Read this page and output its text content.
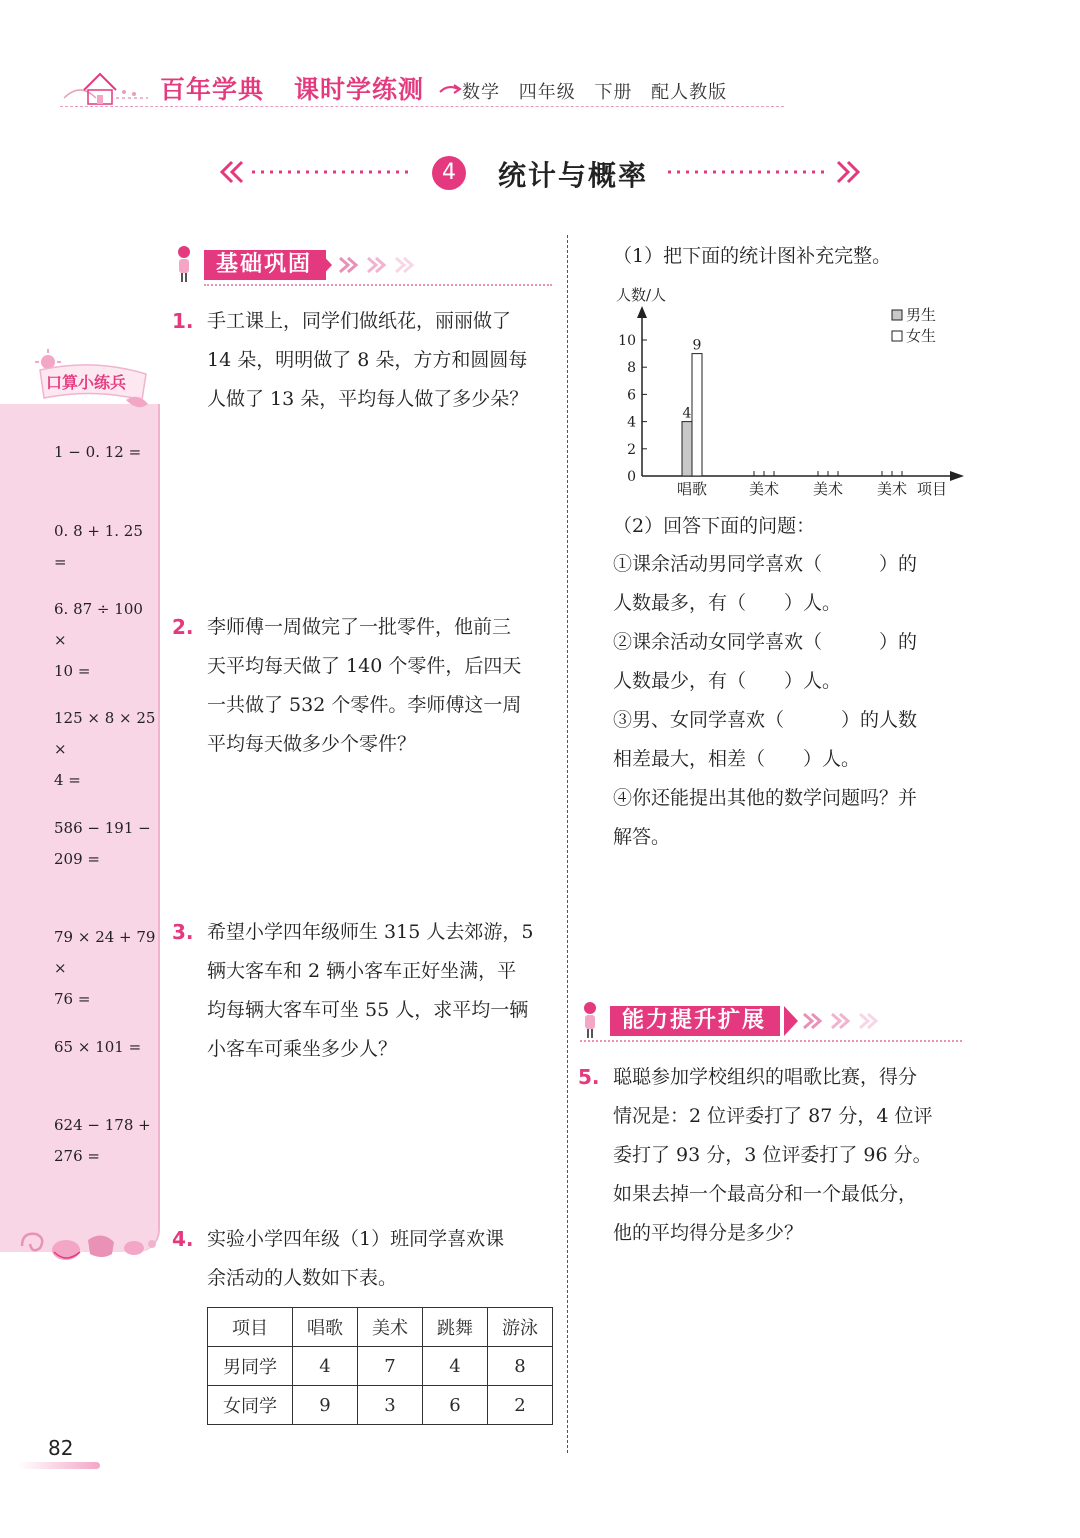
百年学典 课时学练测 数学 四年级 下册 配人教版
4	统计与概率
1 − 0. 12 =
0. 8 + 1. 25 =
6. 87 ÷ 100 ×
10 =
125 × 8 × 25 ×
4 =
586 − 191 −
209 =
79 × 24 + 79 ×
76 =
65 × 101 =
624 − 178 +
276 =
口算小练兵
基础巩固
1. 手工课上，同学们做纸花，丽丽做了
14 朵，明明做了 8 朵，方方和圆圆每
人做了 13 朵，平均每人做了多少朵？
2. 李师傅一周做完了一批零件，他前三
天平均每天做了 140 个零件，后四天
一共做了 532 个零件。李师傅这一周
平均每天做多少个零件？
3. 希望小学四年级师生 315 人去郊游，5
辆大客车和 2 辆小客车正好坐满，平
均每辆大客车可坐 55 人，求平均一辆
小客车可乘坐多少人？
4. 实验小学四年级（1）班同学喜欢课
余活动的人数如下表。
项目	唱歌	美术	跳舞	游泳
男同学	4	7	4	8
女同学	9	3	6	2
（1）把下面的统计图补充完整。
人数/人
0
2
4
6
8
10
唱歌	美术 美术 美术
4
9
项目
男生
女生
（2）回答下面的问题：
①课余活动男同学喜欢（　　　）的
人数最多，有（　　）人。
②课余活动女同学喜欢（　　　）的
人数最少，有（　　）人。
③男、女同学喜欢（　　　）的人数
相差最大，相差（　　）人。
④你还能提出其他的数学问题吗？并
解答。
能力提升扩展
5. 聪聪参加学校组织的唱歌比赛，得分
情况是：2 位评委打了 87 分，4 位评
委打了 93 分，3 位评委打了 96 分。
如果去掉一个最高分和一个最低分，
他的平均得分是多少？
82
